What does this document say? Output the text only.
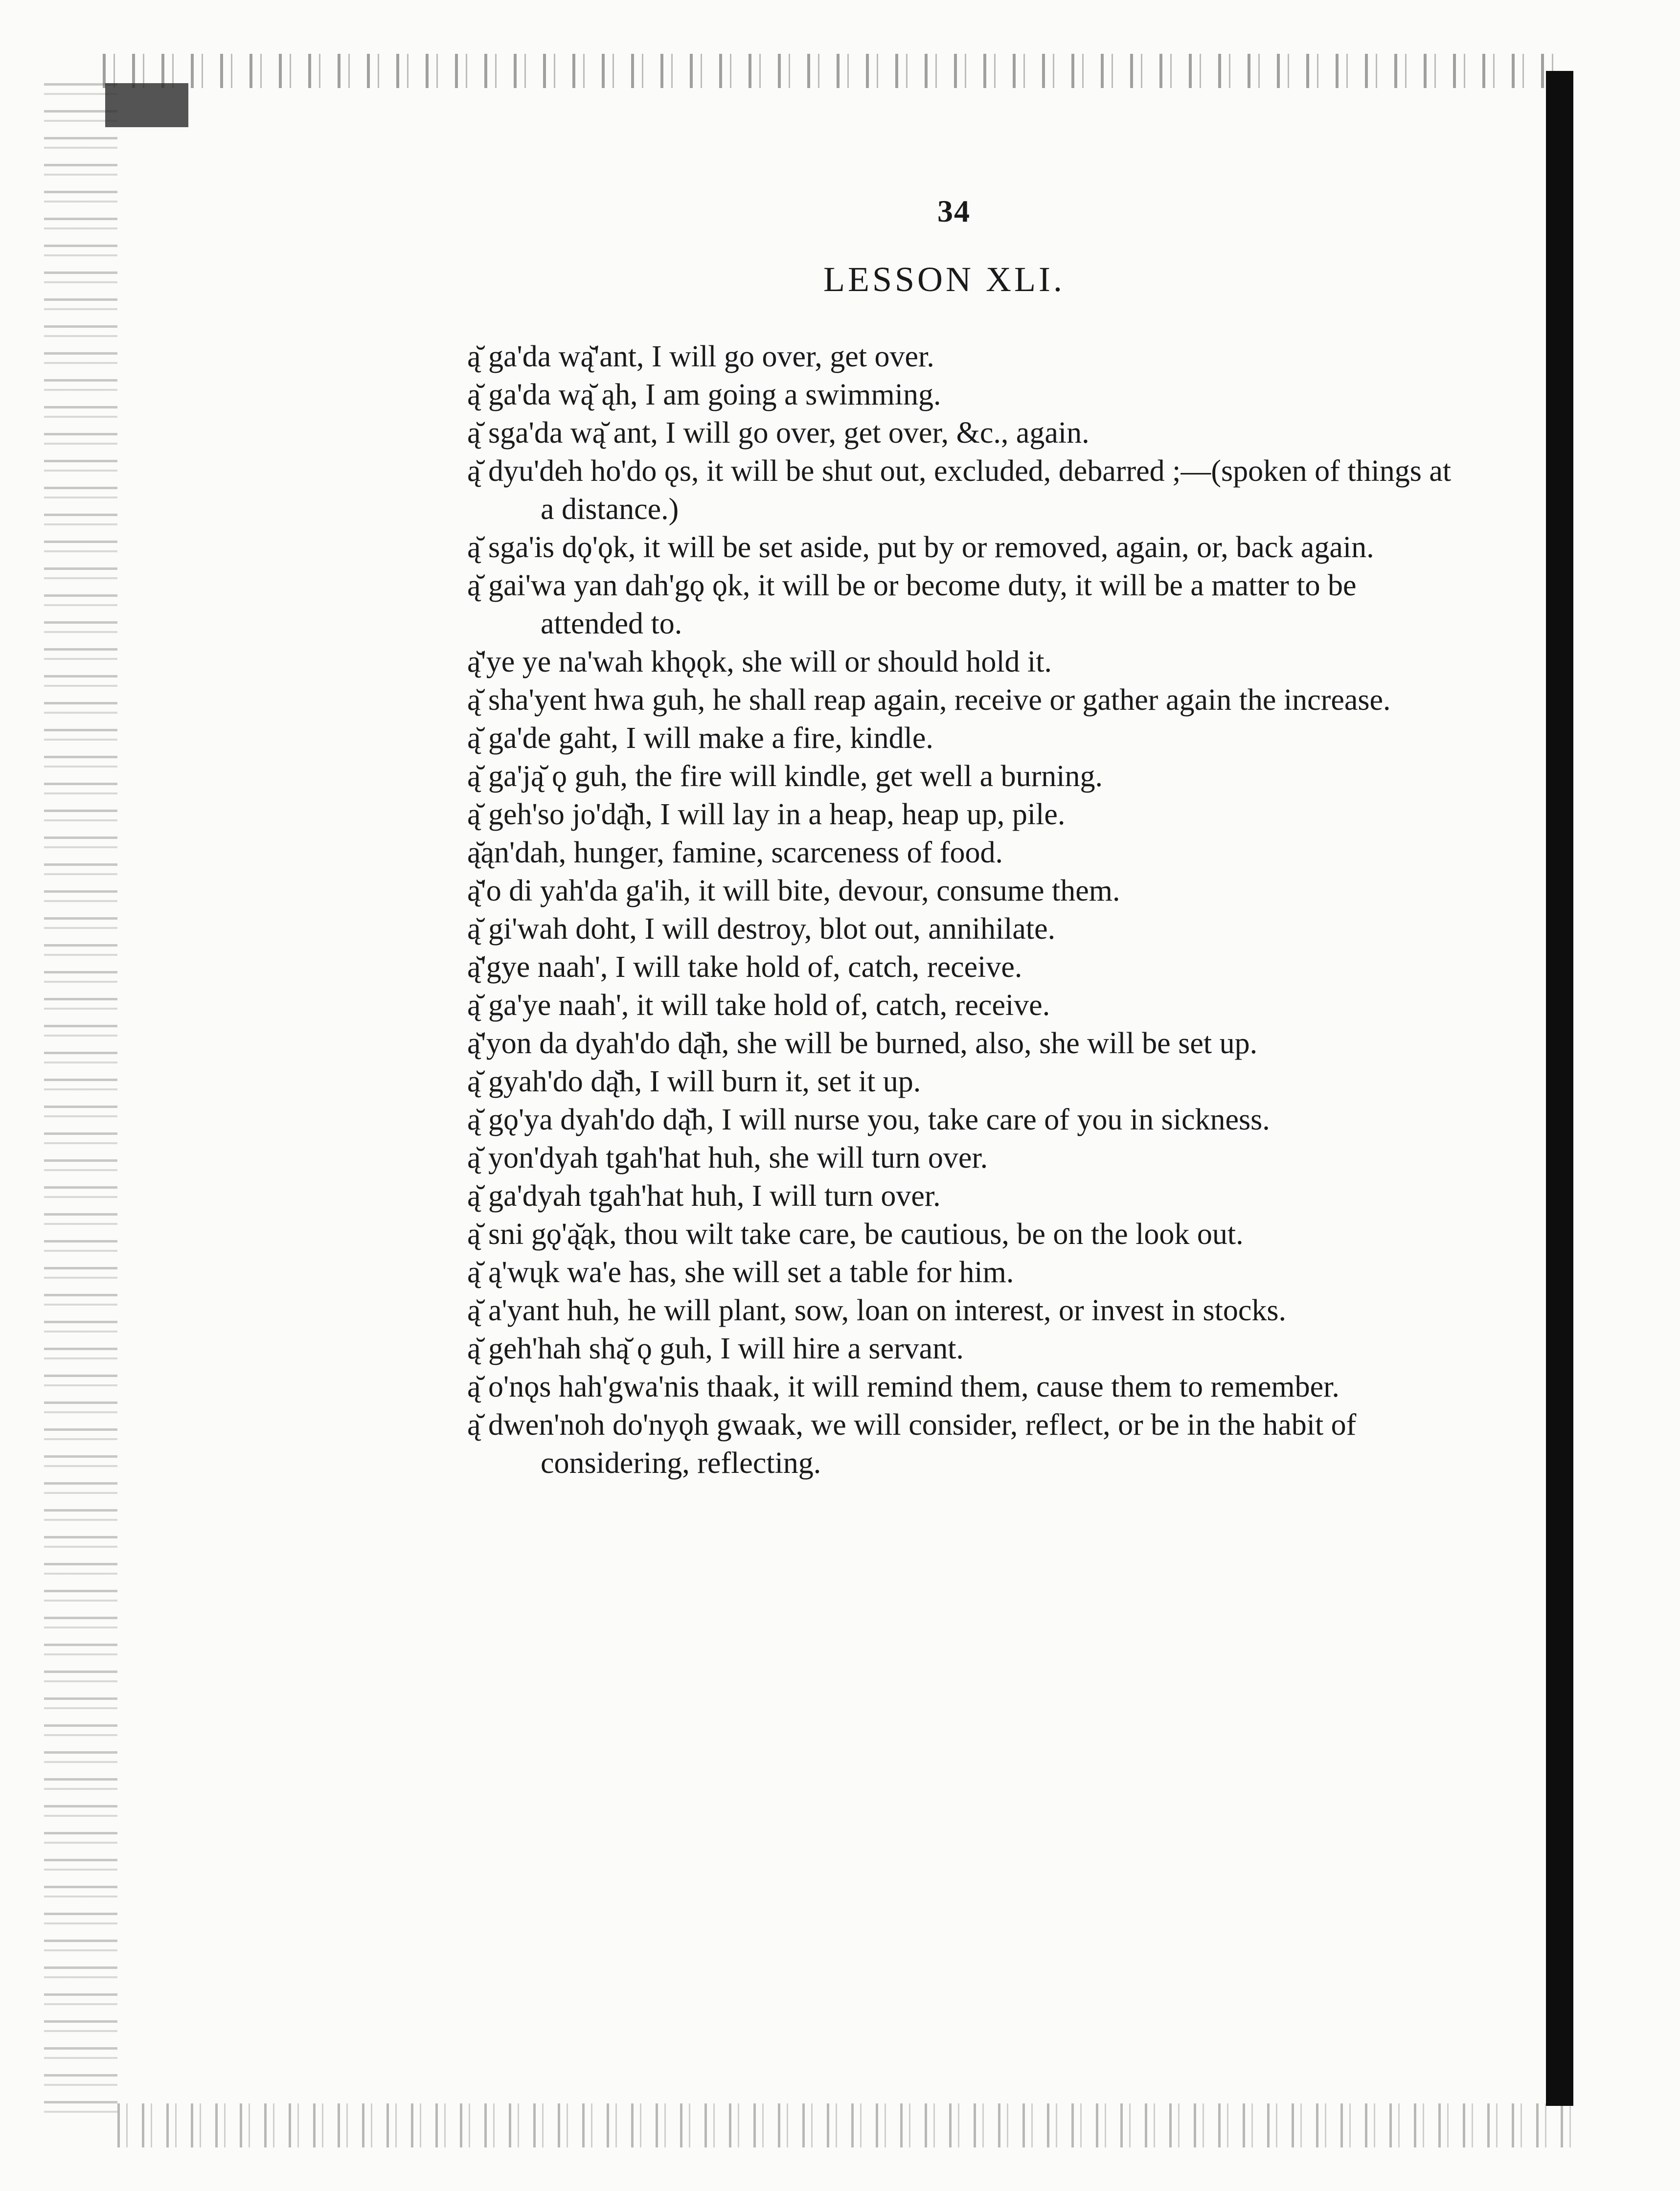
34
LESSON XLI.

ą̆ ga'da wą̆'ant, I will go over, get over.

ą̆ ga'da wą̆ ąh, I am going a swimming.

ą̆ sga'da wą̆ ant, I will go over, get over, &c., again.

ą̆ dyu'deh ho'do ǫs, it will be shut out, excluded, debarred ;—(spoken of things at a distance.)

ą̆ sga'is dǫ'ǫk, it will be set aside, put by or removed, again, or, back again.

ą̆ gai'wa yan dah'gǫ ǫk, it will be or become duty, it will be a matter to be attended to.

ą̆'ye ye na'wah khǫǫk, she will or should hold it.

ą̆ sha'yent hwa guh, he shall reap again, receive or gather again the increase.

ą̆ ga'de gaht, I will make a fire, kindle.

ą̆ ga'ją̆ ǫ guh, the fire will kindle, get well a burning.

ą̆ geh'so jo'dą̆h, I will lay in a heap, heap up, pile.

ą̆ąn'dah, hunger, famine, scarceness of food.

ą̆'o di yah'da ga'ih, it will bite, devour, consume them.

ą̆ gi'wah doht, I will destroy, blot out, annihilate.

ą̆'gye naah', I will take hold of, catch, receive.

ą̆ ga'ye naah', it will take hold of, catch, receive.

ą̆'yon da dyah'do dą̆h, she will be burned, also, she will be set up.

ą̆ gyah'do dą̆h, I will burn it, set it up.

ą̆ gǫ'ya dyah'do dą̆h, I will nurse you, take care of you in sickness.

ą̆ yon'dyah tgah'hat huh, she will turn over.

ą̆ ga'dyah tgah'hat huh, I will turn over.

ą̆ sni gǫ'ą̆ąk, thou wilt take care, be cautious, be on the look out.

ą̆ ą'wųk wa'e has, she will set a table for him.

ą̆ a'yant huh, he will plant, sow, loan on interest, or invest in stocks.

ą̆ geh'hah shą̆ ǫ guh, I will hire a servant.

ą̆ o'nǫs hah'gwa'nis thaak, it will remind them, cause them to remember.

ą̆ dwen'noh do'nyǫh gwaak, we will consider, reflect, or be in the habit of considering, reflecting.
